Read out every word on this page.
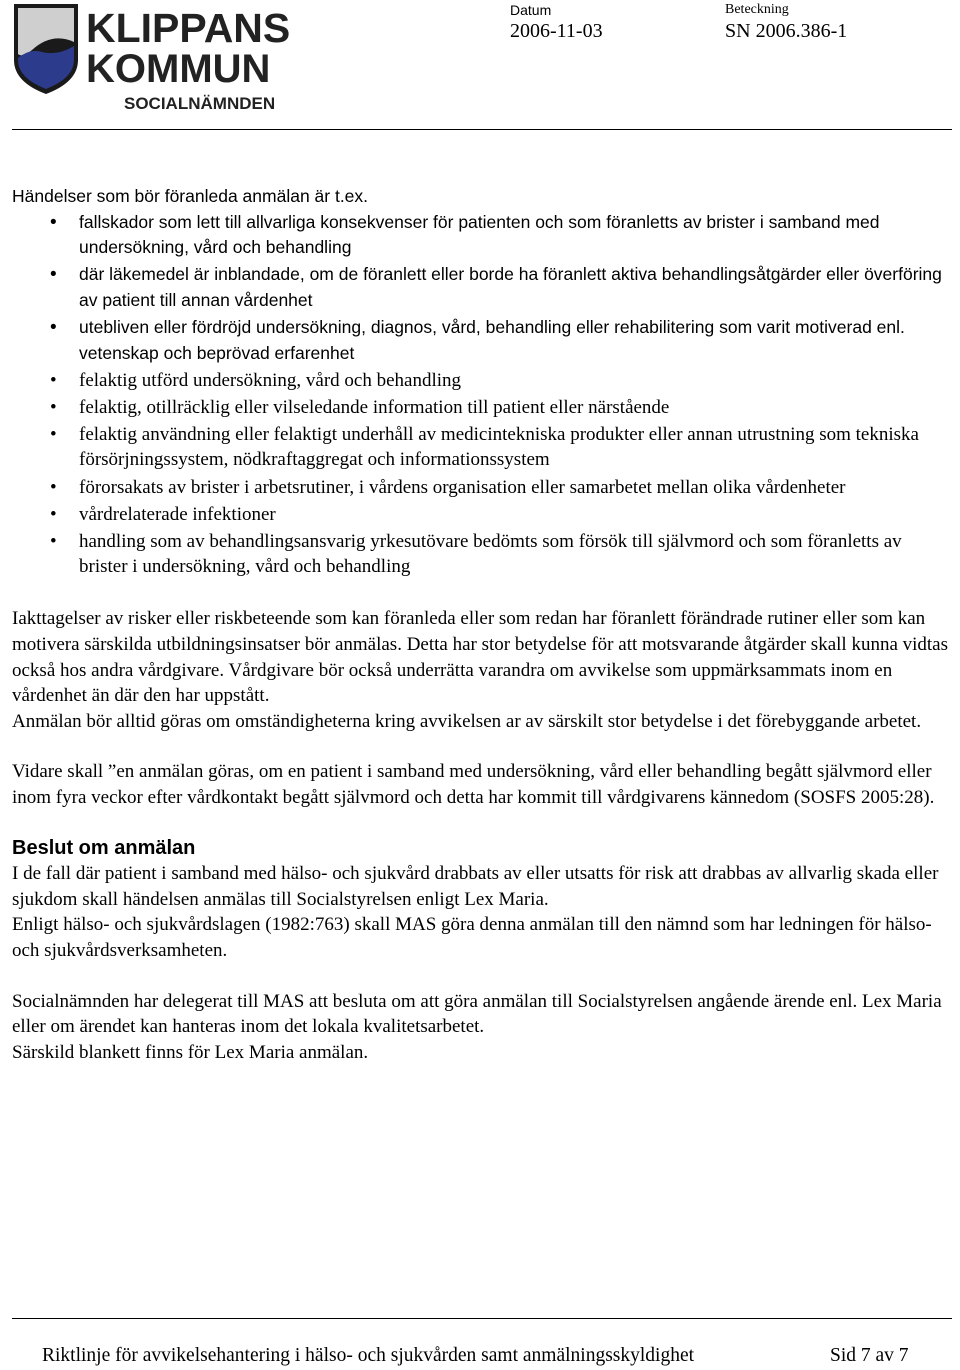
KLIPPANS
KOMMUN
SOCIALNÄMNDEN
Datum
2006-11-03
Beteckning
SN 2006.386-1

Händelser som bör föranleda anmälan är t.ex.

• fallskador som lett till allvarliga konsekvenser för patienten och som föranletts av brister i samband med undersökning, vård och behandling
• där läkemedel är inblandade, om de föranlett eller borde ha föranlett aktiva behandlingsåtgärder eller överföring av patient till annan vårdenhet
• utebliven eller fördröjd undersökning, diagnos, vård, behandling eller rehabilitering som varit motiverad enl. vetenskap och beprövad erfarenhet
• felaktig utförd undersökning, vård och behandling
• felaktig, otillräcklig eller vilseledande information till patient eller närstående
• felaktig användning eller felaktigt underhåll av medicintekniska produkter eller annan utrustning som tekniska försörjningssystem, nödkraftaggregat och informationssystem
• förorsakats av brister i arbetsrutiner, i vårdens organisation eller samarbetet mellan olika vårdenheter
• vårdrelaterade infektioner
• handling som av behandlingsansvarig yrkesutövare bedömts som försök till självmord och som föranletts av brister i undersökning, vård och behandling

Iakttagelser av risker eller riskbeteende som kan föranleda eller som redan har föranlett förändrade rutiner eller som kan motivera särskilda utbildningsinsatser bör anmälas. Detta har stor betydelse för att motsvarande åtgärder skall kunna vidtas också hos andra vårdgivare. Vårdgivare bör också underrätta varandra om avvikelse som uppmärksammats inom en vårdenhet än där den har uppstått.

Anmälan bör alltid göras om omständigheterna kring avvikelsen ar av särskilt stor betydelse i det förebyggande arbetet.

Vidare skall ”en anmälan göras, om en patient i samband med undersökning, vård eller behandling begått självmord eller inom fyra veckor efter vårdkontakt begått självmord och detta har kommit till vårdgivarens kännedom (SOSFS 2005:28).

Beslut om anmälan

I de fall där patient i samband med hälso- och sjukvård drabbats av eller utsatts för risk att drabbas av allvarlig skada eller sjukdom skall händelsen anmälas till Socialstyrelsen enligt Lex Maria.

Enligt hälso- och sjukvårdslagen (1982:763) skall MAS göra denna anmälan till den nämnd som har ledningen för hälso- och sjukvårdsverksamheten.

Socialnämnden har delegerat till MAS att besluta om att göra anmälan till Socialstyrelsen angående ärende enl. Lex Maria eller om ärendet kan hanteras inom det lokala kvalitetsarbetet.

Särskild blankett finns för Lex Maria anmälan.

Riktlinje för avvikelsehantering i hälso- och sjukvården samt anmälningsskyldighet	Sid 7 av 7
